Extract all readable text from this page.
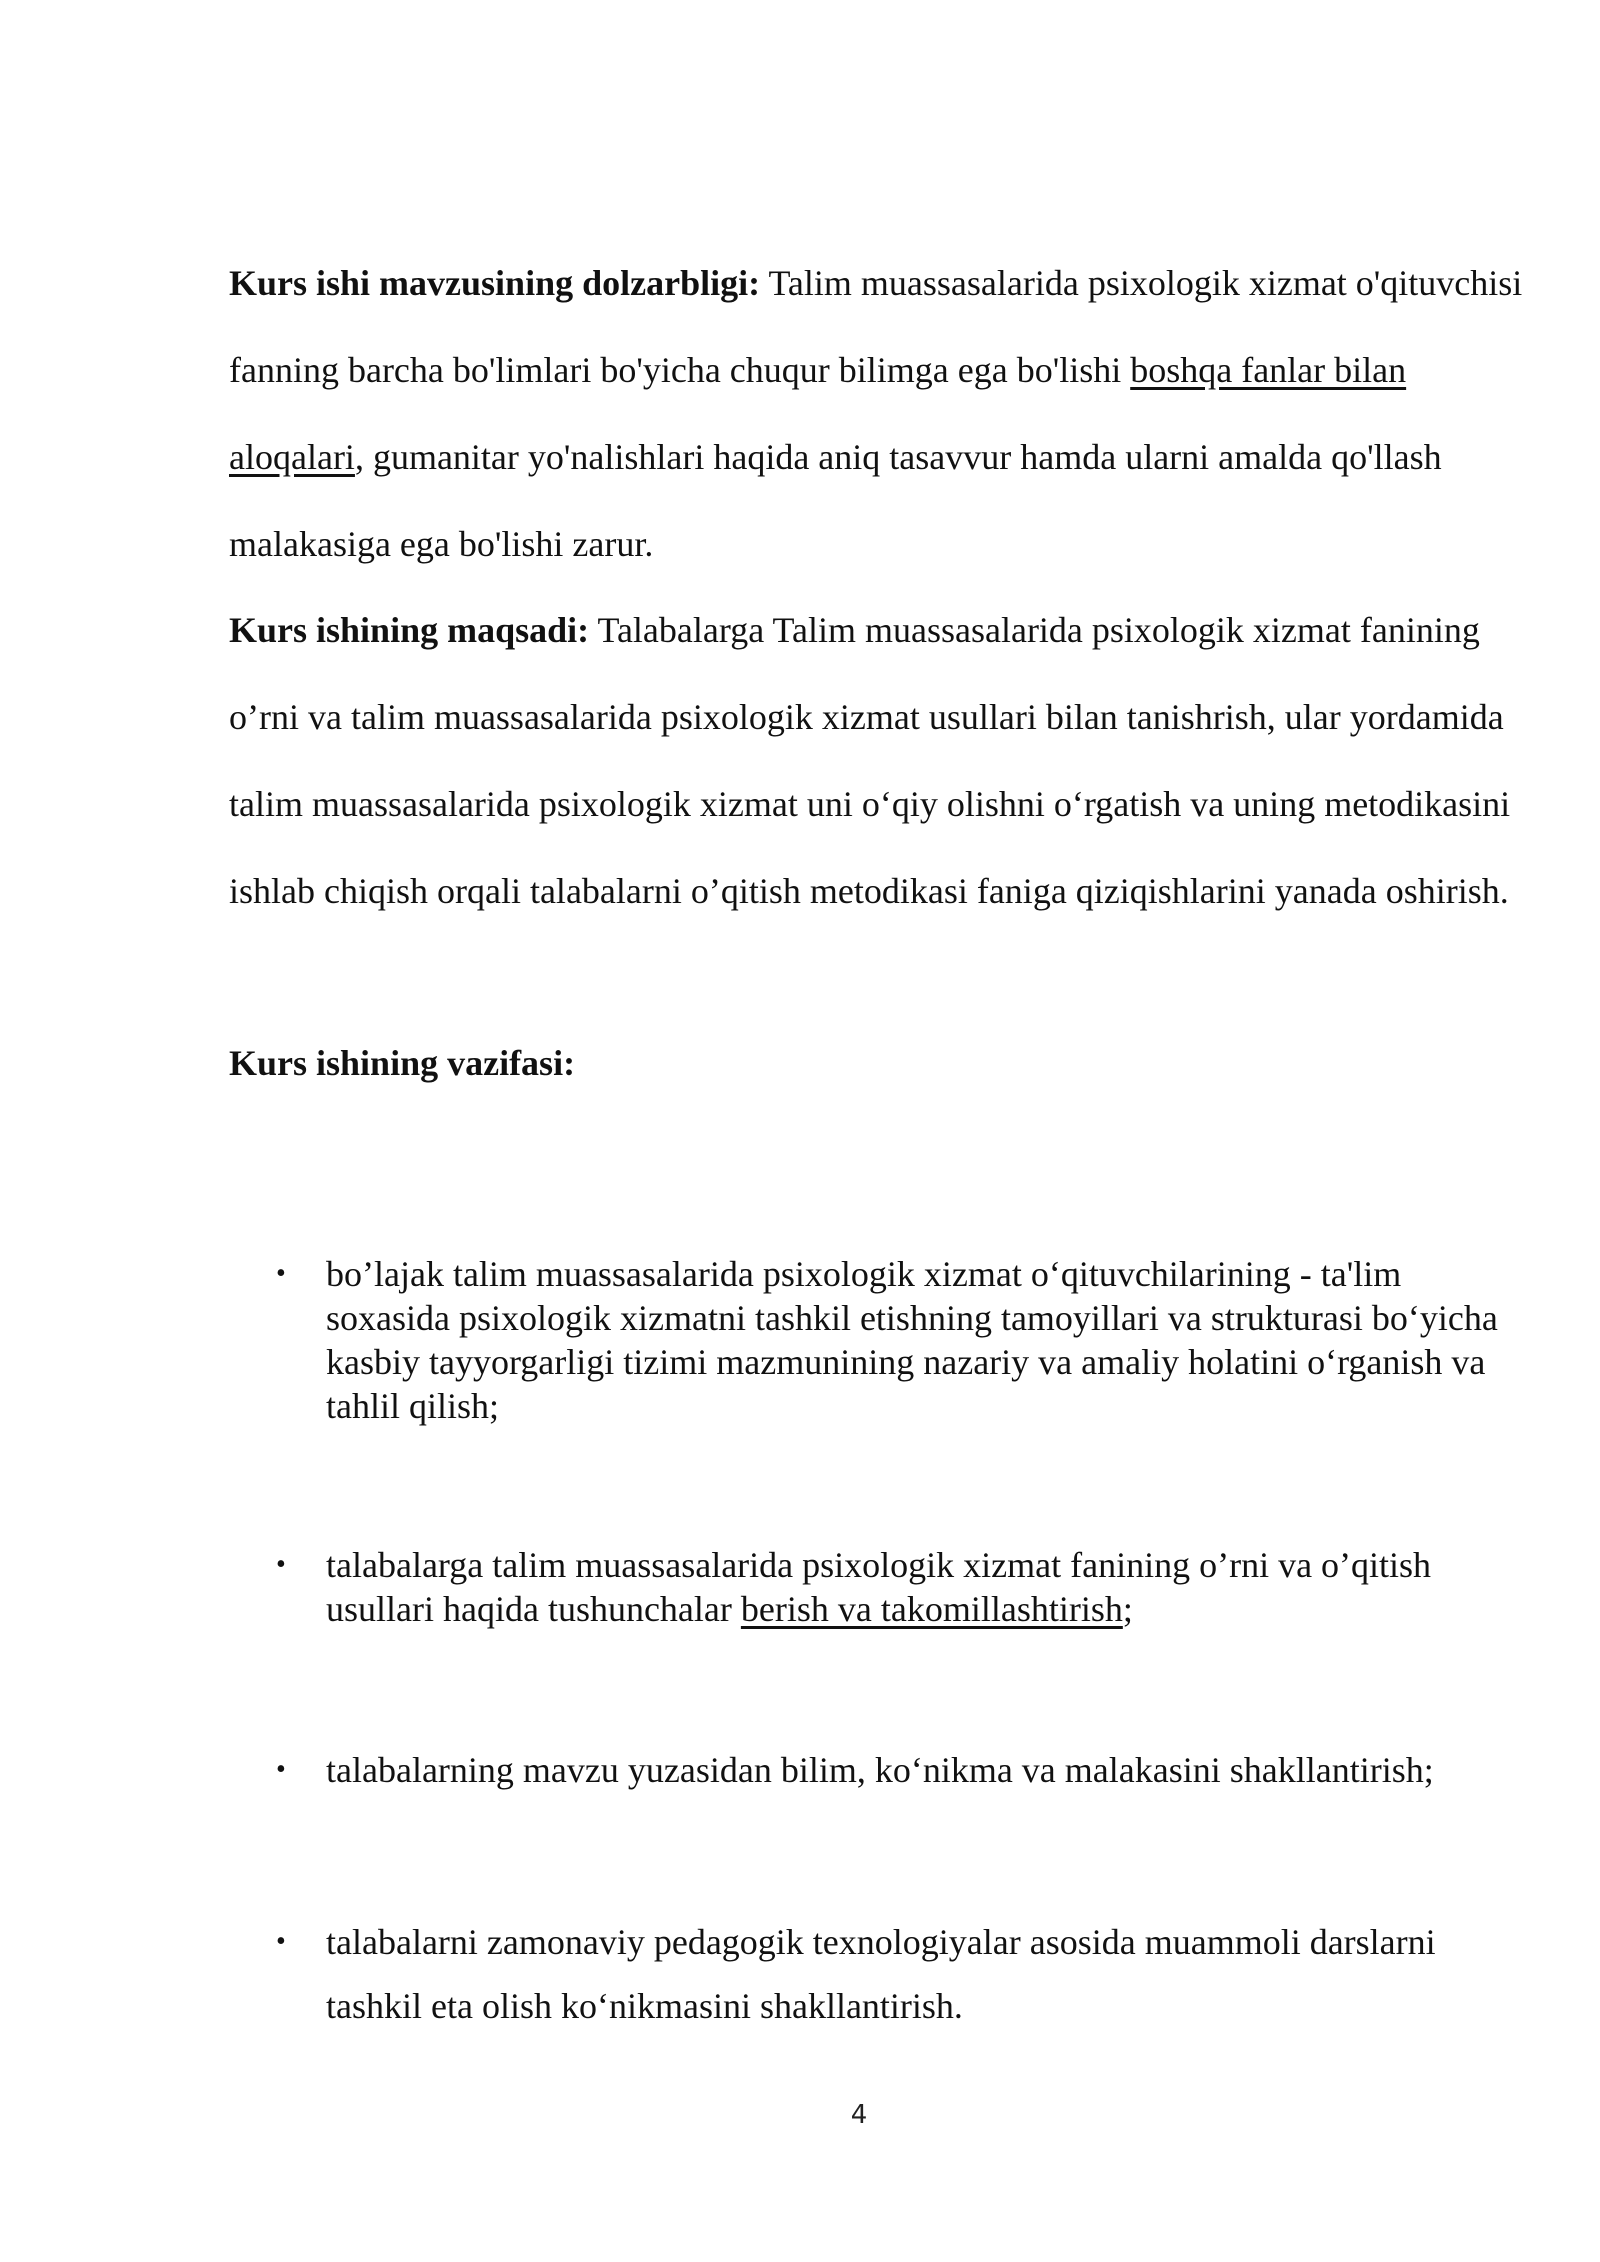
Kurs ishi mavzusining dolzarbligi: Talim muassasalarida psixologik xizmat o'qituvchisi fanning barcha bo'limlari bo'yicha chuqur bilimga ega bo'lishi boshqa fanlar bilan aloqalari, gumanitar yo'nalishlari haqida aniq tasavvur hamda ularni amalda qo'llash malakasiga ega bo'lishi zarur.

Kurs ishining maqsadi: Talabalarga Talim muassasalarida psixologik xizmat fanining o’rni va talim muassasalarida psixologik xizmat usullari bilan tanishrish, ular yordamida talim muassasalarida psixologik xizmat uni o‘qiy olishni o‘rgatish va uning metodikasini ishlab chiqish orqali talabalarni o’qitish metodikasi faniga qiziqishlarini yanada oshirish.

Kurs ishining vazifasi:

• bo’lajak talim muassasalarida psixologik xizmat o‘qituvchilarining - ta'lim soxasida psixologik xizmatni tashkil etishning tamoyillari va strukturasi bo‘yicha kasbiy tayyorgarligi tizimi mazmunining nazariy va amaliy holatini o‘rganish va tahlil qilish;
• talabalarga talim muassasalarida psixologik xizmat fanining o’rni va o’qitish usullari haqida tushunchalar berish va takomillashtirish;
• talabalarning mavzu yuzasidan bilim, ko‘nikma va malakasini shakllantirish;
• talabalarni zamonaviy pedagogik texnologiyalar asosida muammoli darslarni tashkil eta olish ko‘nikmasini shakllantirish.
4
